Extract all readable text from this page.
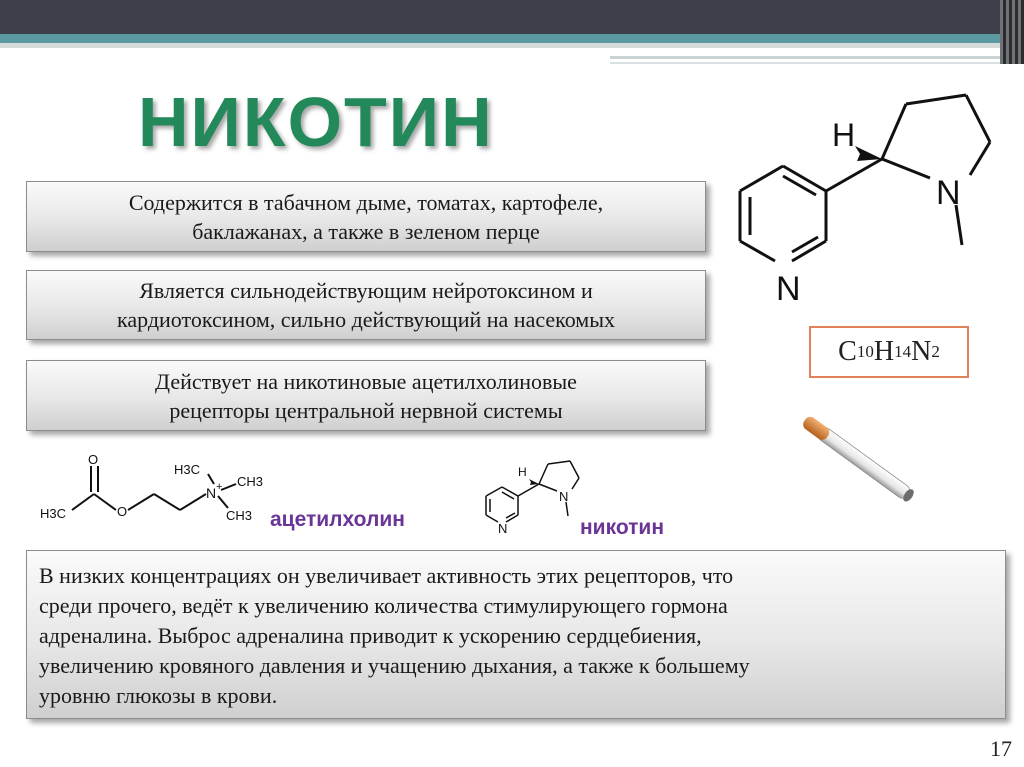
НИКОТИН
Содержится в табачном дыме, томатах, картофеле,
баклажанах, а также в зеленом перце
Является сильнодействующим нейротоксином и
кардиотоксином, сильно действующий на насекомых
Действует на никотиновые ацетилхолиновые
рецепторы центральной нервной системы
В низких концентрациях он увеличивает активность этих рецепторов, что
среди прочего, ведёт к увеличению количества стимулирующего гормона
адреналина. Выброс адреналина приводит к ускорению сердцебиения,
увеличению кровяного давления и учащению дыхания, а также к большему
уровню глюкозы в крови.
H
N
N
C 10 H 14 N 2
O
O
H3C
H3C
CH3
CH3
N +

ацетилхолин

H
N
N

никотин

17
